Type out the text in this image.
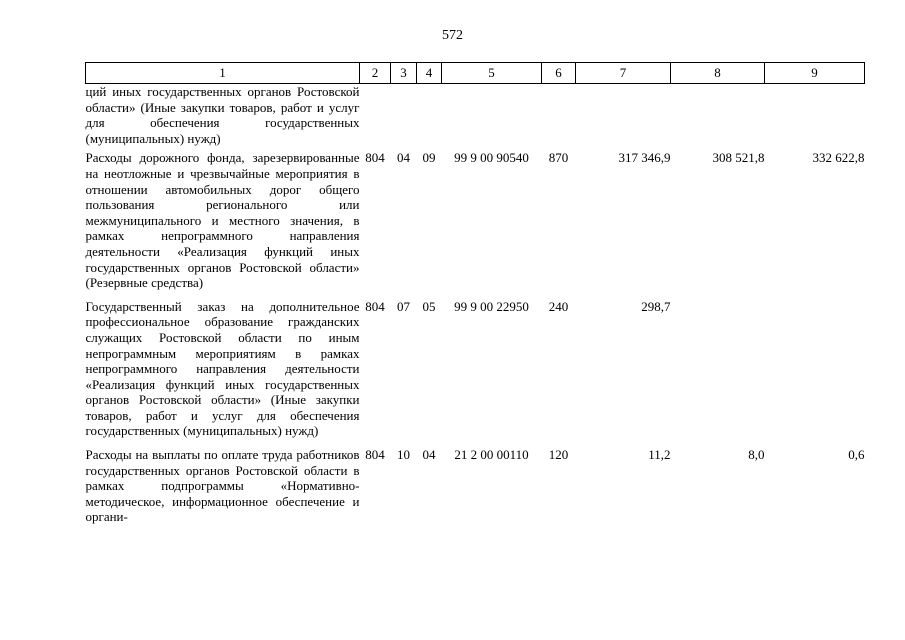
572
1	2	3	4	5	6	7	8	9
ций иных государственных органов Ростовской области» (Иные закупки товаров, работ и услуг для обеспечения государственных (муниципальных) нужд)								
Расходы дорожного фонда, зарезервированные на неотложные и чрезвычайные мероприятия в отношении автомобильных дорог общего пользования регионального или межмуниципального и местного значения, в рамках непрограммного направления деятельности «Реализация функций иных государственных органов Ростовской области» (Резервные средства)	804	04	09	99 9 00 90540	870	317 346,9	308 521,8	332 622,8
Государственный заказ на дополнительное профессиональное образование гражданских служащих Ростовской области по иным непрограммным мероприятиям в рамках непрограммного направления деятельности «Реализация функций иных государственных органов Ростовской области» (Иные закупки товаров, работ и услуг для обеспечения государственных (муниципальных) нужд)	804	07	05	99 9 00 22950	240	298,7		
Расходы на выплаты по оплате труда работников государственных органов Ростовской области в рамках подпрограммы «Нормативно-методическое, информационное обеспечение и органи-	804	10	04	21 2 00 00110	120	11,2	8,0	0,6
